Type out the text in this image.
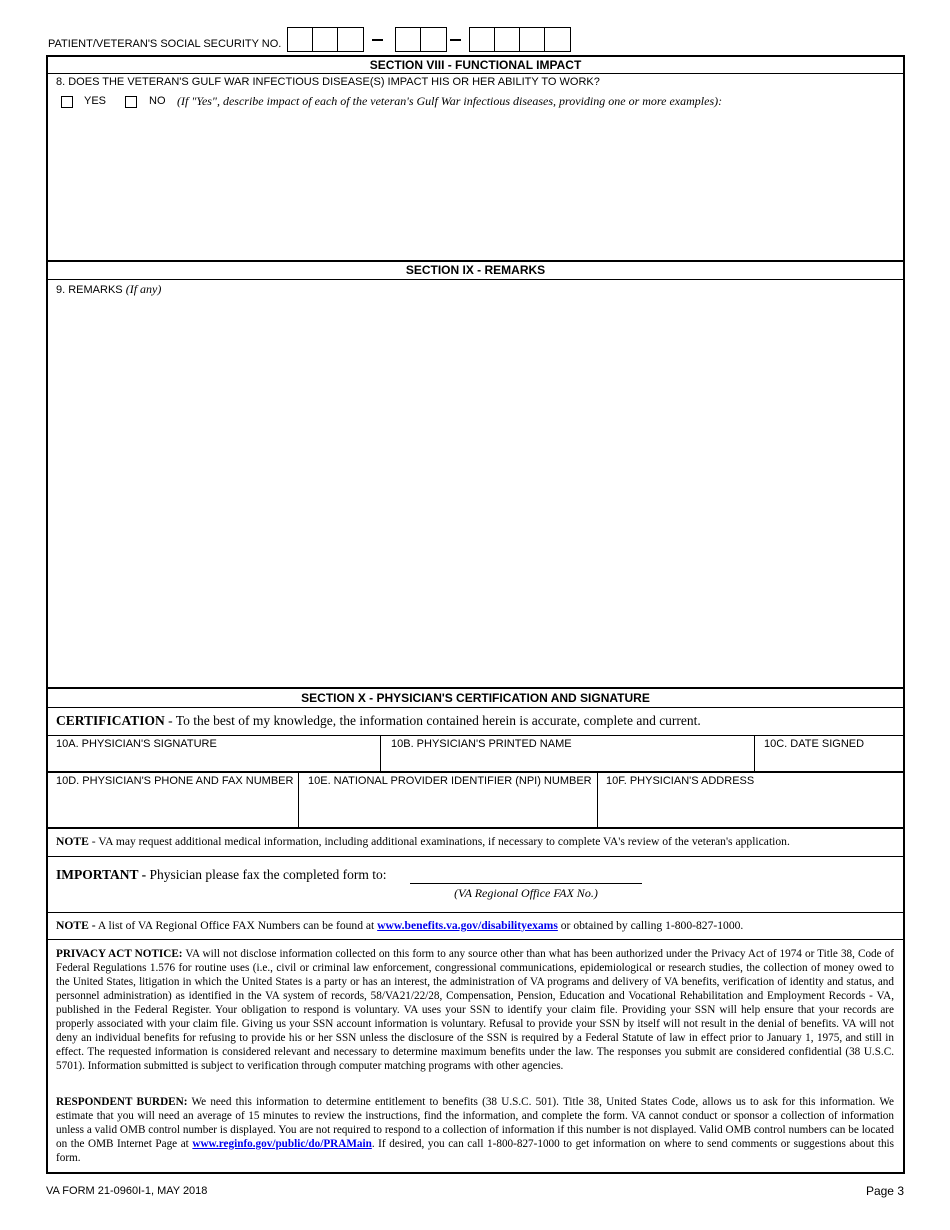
PATIENT/VETERAN'S SOCIAL SECURITY NO.
SECTION VIII - FUNCTIONAL IMPACT
8. DOES THE VETERAN'S GULF WAR INFECTIOUS DISEASE(S) IMPACT HIS OR HER ABILITY TO WORK?
YES	NO (If "Yes", describe impact of each of the veteran's Gulf War infectious diseases, providing one or more examples):
SECTION IX - REMARKS
9. REMARKS (If any)
SECTION X - PHYSICIAN'S CERTIFICATION AND SIGNATURE
CERTIFICATION - To the best of my knowledge, the information contained herein is accurate, complete and current.
10A. PHYSICIAN'S SIGNATURE	10B. PHYSICIAN'S PRINTED NAME	10C. DATE SIGNED
10D. PHYSICIAN'S PHONE AND FAX NUMBER 10E. NATIONAL PROVIDER IDENTIFIER (NPI) NUMBER 10F. PHYSICIAN'S ADDRESS
NOTE - VA may request additional medical information, including additional examinations, if necessary to complete VA's review of the veteran's application.
IMPORTANT - Physician please fax the completed form to:
(VA Regional Office FAX No.)
NOTE - A list of VA Regional Office FAX Numbers can be found at www.benefits.va.gov/disabilityexams or obtained by calling 1-800-827-1000.
PRIVACY ACT NOTICE: VA will not disclose information collected on this form to any source other than what has been authorized under the Privacy Act of 1974 or Title 38, Code of Federal Regulations 1.576 for routine uses (i.e., civil or criminal law enforcement, congressional communications, epidemiological or research studies, the collection of money owed to the United States, litigation in which the United States is a party or has an interest, the administration of VA programs and delivery of VA benefits, verification of identity and status, and personnel administration) as identified in the VA system of records, 58/VA21/22/28, Compensation, Pension, Education and Vocational Rehabilitation and Employment Records - VA, published in the Federal Register. Your obligation to respond is voluntary. VA uses your SSN to identify your claim file. Providing your SSN will help ensure that your records are properly associated with your claim file. Giving us your SSN account information is voluntary. Refusal to provide your SSN by itself will not result in the denial of benefits. VA will not deny an individual benefits for refusing to provide his or her SSN unless the disclosure of the SSN is required by a Federal Statute of law in effect prior to January 1, 1975, and still in effect. The requested information is considered relevant and necessary to determine maximum benefits under the law. The responses you submit are considered confidential (38 U.S.C. 5701). Information submitted is subject to verification through computer matching programs with other agencies.
RESPONDENT BURDEN: We need this information to determine entitlement to benefits (38 U.S.C. 501). Title 38, United States Code, allows us to ask for this information. We estimate that you will need an average of 15 minutes to review the instructions, find the information, and complete the form. VA cannot conduct or sponsor a collection of information unless a valid OMB control number is displayed. You are not required to respond to a collection of information if this number is not displayed. Valid OMB control numbers can be located on the OMB Internet Page at www.reginfo.gov/public/do/PRAMain. If desired, you can call 1-800-827-1000 to get information on where to send comments or suggestions about this form.
VA FORM 21-0960I-1, MAY 2018	Page 3
